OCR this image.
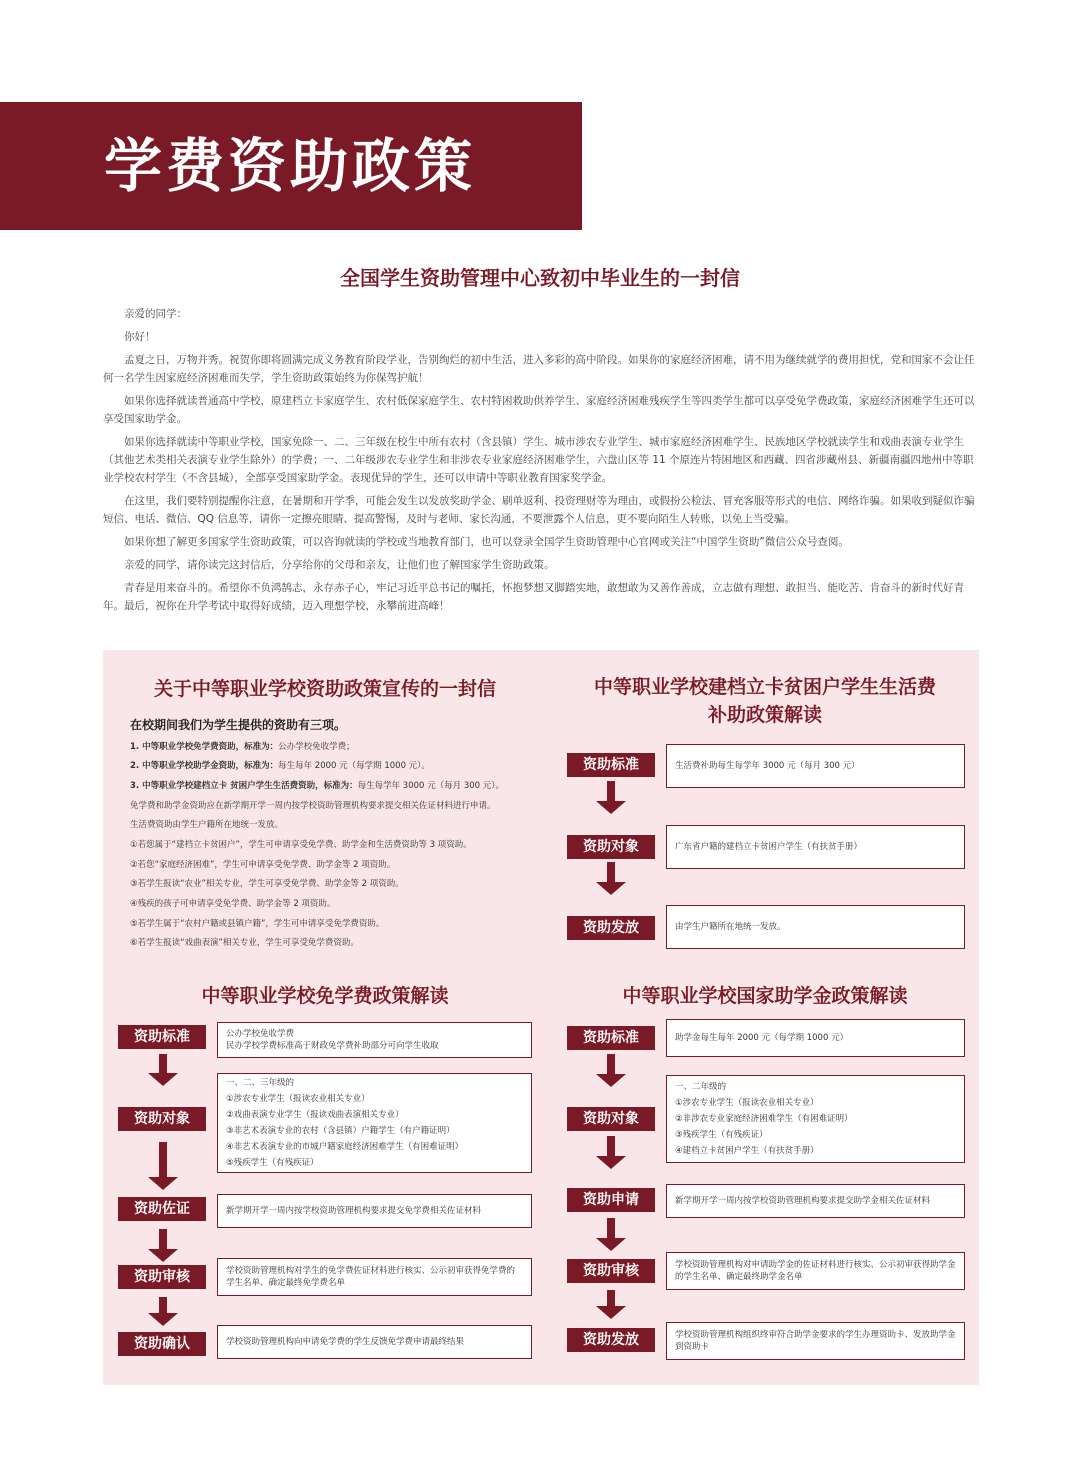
学费资助政策
全国学生资助管理中心致初中毕业生的一封信

亲爱的同学：

你好！

孟夏之日，万物并秀。祝贺你即将圆满完成义务教育阶段学业，告别绚烂的初中生活，进入多彩的高中阶段。如果你的家庭经济困难，请不用为继续就学的费用担忧，党和国家不会让任何一名学生因家庭经济困难而失学，学生资助政策始终为你保驾护航！

如果你选择就读普通高中学校，原建档立卡家庭学生、农村低保家庭学生、农村特困救助供养学生、家庭经济困难残疾学生等四类学生都可以享受免学费政策，家庭经济困难学生还可以享受国家助学金。

如果你选择就读中等职业学校，国家免除一、二、三年级在校生中所有农村（含县镇）学生、城市涉农专业学生、城市家庭经济困难学生、民族地区学校就读学生和戏曲表演专业学生（其他艺术类相关表演专业学生除外）的学费；一、二年级涉农专业学生和非涉农专业家庭经济困难学生，六盘山区等 11 个原连片特困地区和西藏、四省涉藏州县、新疆南疆四地州中等职业学校农村学生（不含县城），全部享受国家助学金。表现优异的学生，还可以申请中等职业教育国家奖学金。

在这里，我们要特别提醒你注意，在暑期和开学季，可能会发生以发放奖助学金、刷单返利、投资理财等为理由，或假扮公检法、冒充客服等形式的电信、网络诈骗。如果收到疑似诈骗短信、电话、微信、QQ 信息等，请你一定擦亮眼睛、提高警惕，及时与老师、家长沟通，不要泄露个人信息，更不要向陌生人转账，以免上当受骗。

如果你想了解更多国家学生资助政策，可以咨询就读的学校或当地教育部门，也可以登录全国学生资助管理中心官网或关注“中国学生资助”微信公众号查阅。

亲爱的同学，请你读完这封信后，分享给你的父母和亲友，让他们也了解国家学生资助政策。

青春是用来奋斗的。希望你不负鸿鹄志，永存赤子心，牢记习近平总书记的嘱托，怀抱梦想又脚踏实地，敢想敢为又善作善成，立志做有理想、敢担当、能吃苦、肯奋斗的新时代好青年。最后，祝你在升学考试中取得好成绩，迈入理想学校，永攀前进高峰！

关于中等职业学校资助政策宣传的一封信
在校期间我们为学生提供的资助有三项。
1. 中等职业学校免学费资助，标准为：公办学校免收学费；
2. 中等职业学校助学金资助，标准为：每生每年 2000 元（每学期 1000 元）。
3. 中等职业学校建档立卡 贫困户学生生活费资助，标准为：每生每学年 3000 元（每月 300 元）。
免学费和助学金资助应在新学期开学一周内按学校资助管理机构要求提交相关佐证材料进行申请。
生活费资助由学生户籍所在地统一发放。
①若您属于“建档立卡贫困户”，学生可申请享受免学费、助学金和生活费资助等 3 项资助。
②若您“家庭经济困难”，学生可申请享受免学费、助学金等 2 项资助。
③若学生报读“农业”相关专业，学生可享受免学费、助学金等 2 项资助。
④残疾的孩子可申请享受免学费、助学金等 2 项资助。
⑤若学生属于“农村户籍或县镇户籍”，学生可申请享受免学费资助。
⑥若学生报读“戏曲表演”相关专业，学生可享受免学费资助。
中等职业学校建档立卡贫困户学生生活费
补助政策解读
资助标准	生活费补助每生每学年 3000 元（每月 300 元）
资助对象	广东省户籍的建档立卡贫困户学生（有扶贫手册）
资助发放	由学生户籍所在地统一发放。
中等职业学校免学费政策解读
资助标准	公办学校免收学费
民办学校学费标准高于财政免学费补助部分可向学生收取
资助对象
一、二、三年级的
①涉农专业学生（报读农业相关专业）
②戏曲表演专业学生（报读戏曲表演相关专业）
③非艺术表演专业的农村（含县镇）户籍学生（有户籍证明）
④非艺术表演专业的市城户籍家庭经济困难学生（有困难证明）
⑤残疾学生（有残疾证）
资助佐证	新学期开学一周内按学校资助管理机构要求提交免学费相关佐证材料
资助审核	学校资助管理机构对学生的免学费佐证材料进行核实、公示初审获得免学费的学生名单、确定最终免学费名单
资助确认	学校资助管理机构向申请免学费的学生反馈免学费申请最终结果
中等职业学校国家助学金政策解读
资助标准	助学金每生每年 2000 元（每学期 1000 元）
资助对象
一、二年级的
①涉农专业学生（报读农业相关专业）
②非涉农专业家庭经济困难学生（有困难证明）
③残疾学生（有残疾证）
④建档立卡贫困户学生（有扶贫手册）
资助申请	新学期开学一周内按学校资助管理机构要求提交助学金相关佐证材料
资助审核	学校资助管理机构对申请助学金的佐证材料进行核实、公示初审获得助学金的学生名单、确定最终助学金名单
资助发放	学校资助管理机构组织终审符合助学金要求的学生办理资助卡、发放助学金到资助卡
